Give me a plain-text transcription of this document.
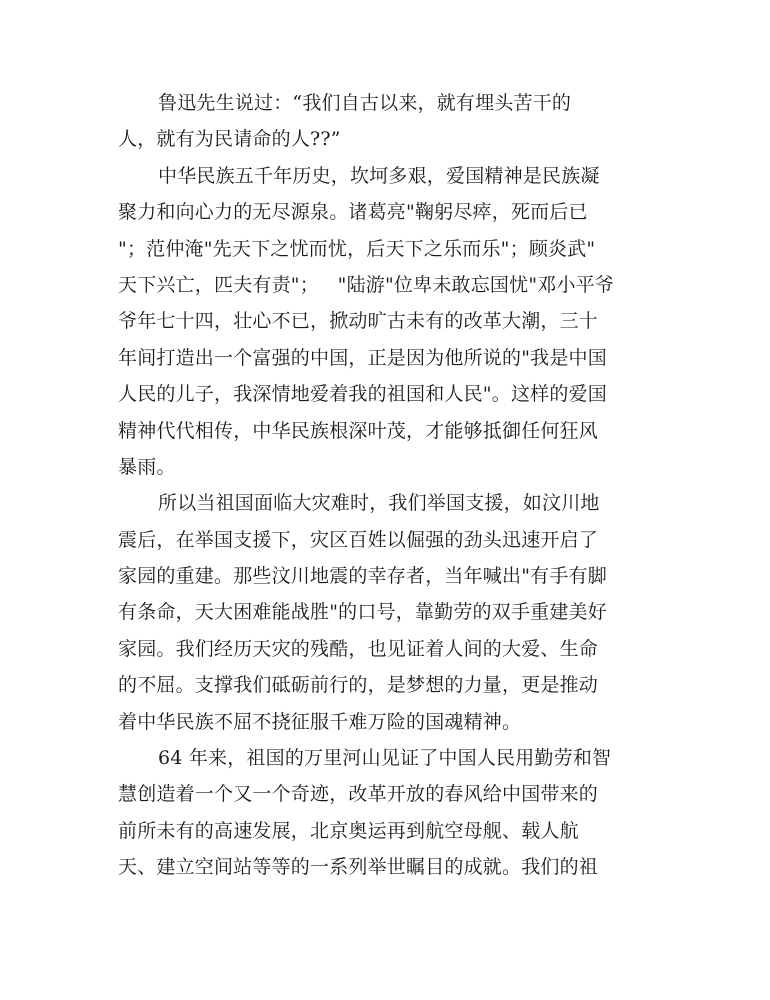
鲁迅先生说过：“我们自古以来，就有埋头苦干的
人，就有为民请命的人??”
中华民族五千年历史，坎坷多艰，爱国精神是民族凝
聚力和向心力的无尽源泉。诸葛亮"鞠躬尽瘁，死而后已
"；范仲淹"先天下之忧而忧，后天下之乐而乐"；顾炎武"
天下兴亡，匹夫有责"；   "陆游"位卑未敢忘国忧"邓小平爷
爷年七十四，壮心不已，掀动旷古未有的改革大潮，三十
年间打造出一个富强的中国，正是因为他所说的"我是中国
人民的儿子，我深情地爱着我的祖国和人民"。这样的爱国
精神代代相传，中华民族根深叶茂，才能够抵御任何狂风
暴雨。
所以当祖国面临大灾难时，我们举国支援，如汶川地
震后，在举国支援下，灾区百姓以倔强的劲头迅速开启了
家园的重建。那些汶川地震的幸存者，当年喊出"有手有脚
有条命，天大困难能战胜"的口号，靠勤劳的双手重建美好
家园。我们经历天灾的残酷，也见证着人间的大爱、生命
的不屈。支撑我们砥砺前行的，是梦想的力量，更是推动
着中华民族不屈不挠征服千难万险的国魂精神。
64 年来，祖国的万里河山见证了中国人民用勤劳和智
慧创造着一个又一个奇迹，改革开放的春风给中国带来的
前所未有的高速发展，北京奥运再到航空母舰、载人航
天、建立空间站等等的一系列举世瞩目的成就。我们的祖
